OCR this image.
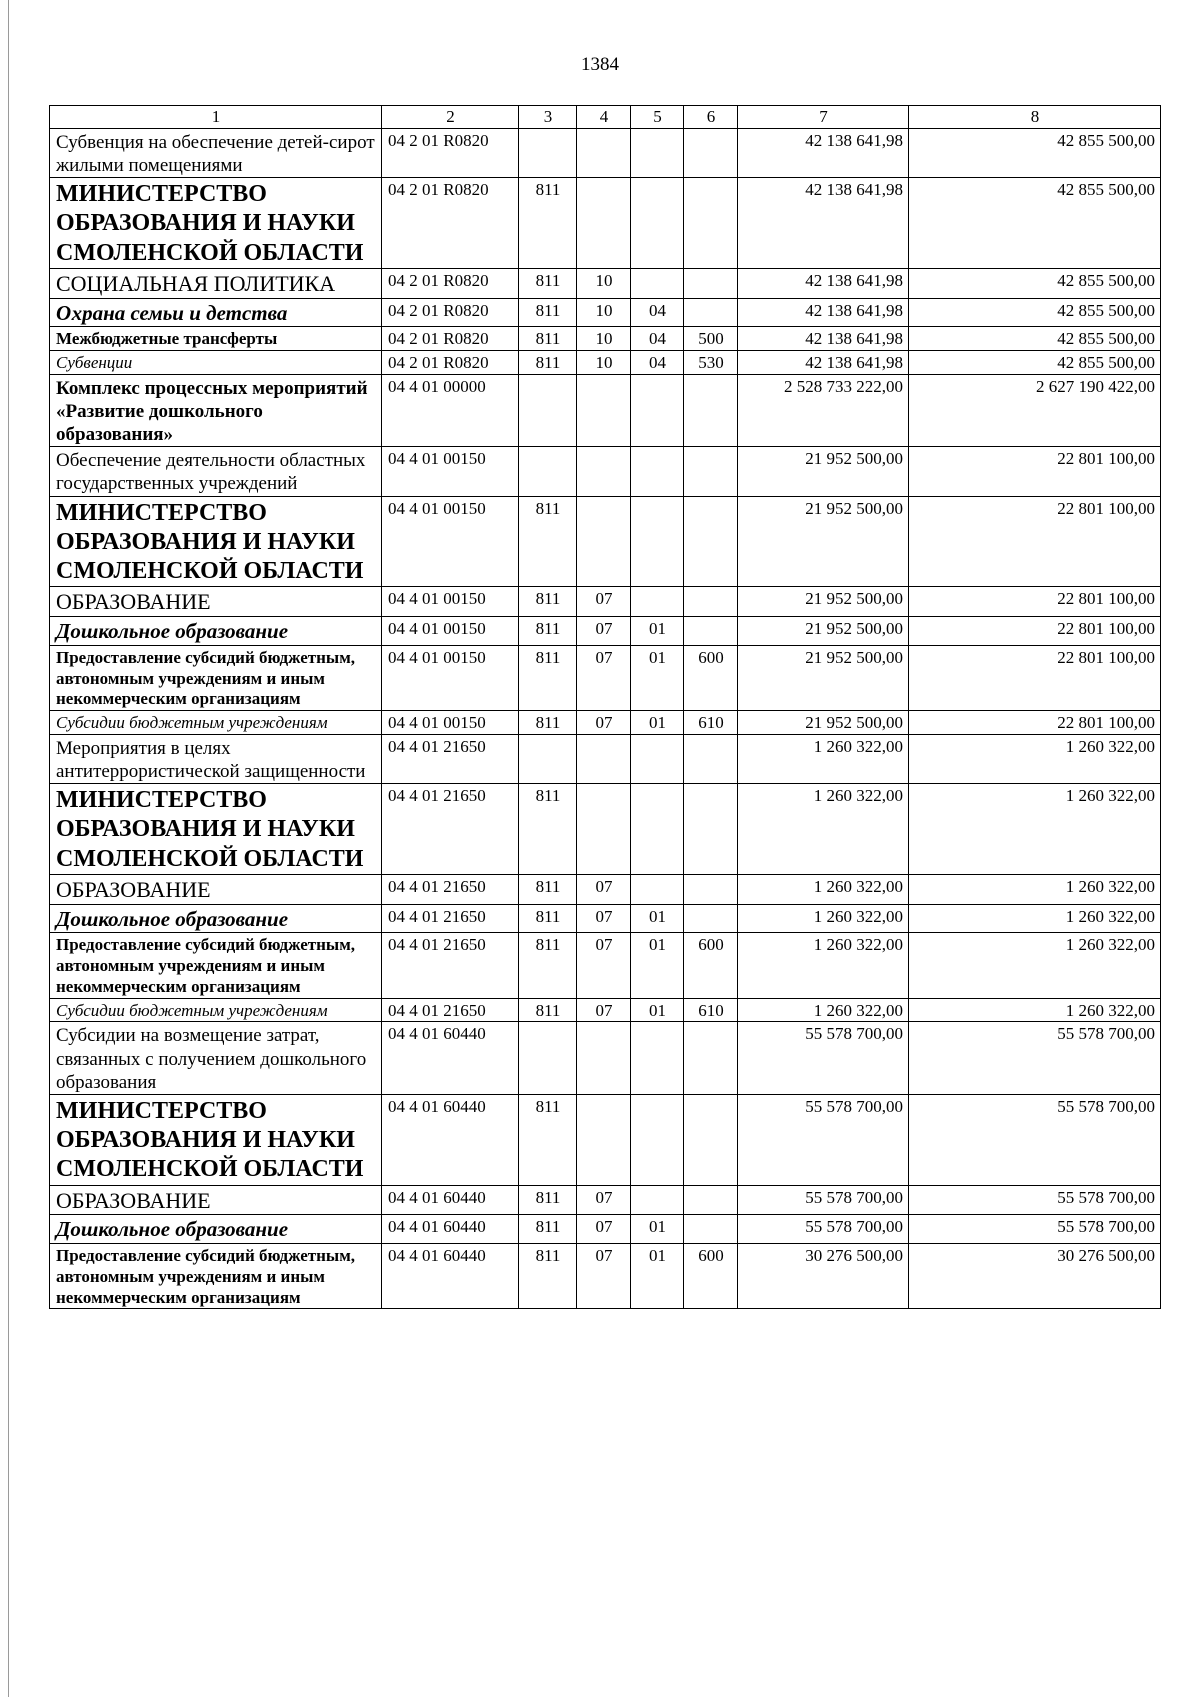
1384
1	2	3	4	5	6	7	8
Субвенция на обеспечение детей-сирот жилыми помещениями	04 2 01 R0820					42 138 641,98	42 855 500,00
МИНИСТЕРСТВО ОБРАЗОВАНИЯ И НАУКИ СМОЛЕНСКОЙ ОБЛАСТИ	04 2 01 R0820	811				42 138 641,98	42 855 500,00
СОЦИАЛЬНАЯ ПОЛИТИКА	04 2 01 R0820	811	10			42 138 641,98	42 855 500,00
Охрана семьи и детства	04 2 01 R0820	811	10	04		42 138 641,98	42 855 500,00
Межбюджетные трансферты	04 2 01 R0820	811	10	04	500	42 138 641,98	42 855 500,00
Субвенции	04 2 01 R0820	811	10	04	530	42 138 641,98	42 855 500,00
Комплекс процессных мероприятий «Развитие дошкольного образования»	04 4 01 00000					2 528 733 222,00	2 627 190 422,00
Обеспечение деятельности областных государственных учреждений	04 4 01 00150					21 952 500,00	22 801 100,00
МИНИСТЕРСТВО ОБРАЗОВАНИЯ И НАУКИ СМОЛЕНСКОЙ ОБЛАСТИ	04 4 01 00150	811				21 952 500,00	22 801 100,00
ОБРАЗОВАНИЕ	04 4 01 00150	811	07			21 952 500,00	22 801 100,00
Дошкольное образование	04 4 01 00150	811	07	01		21 952 500,00	22 801 100,00
Предоставление субсидий бюджетным, автономным учреждениям и иным некоммерческим организациям	04 4 01 00150	811	07	01	600	21 952 500,00	22 801 100,00
Субсидии бюджетным учреждениям	04 4 01 00150	811	07	01	610	21 952 500,00	22 801 100,00
Мероприятия в целях антитеррористической защищенности	04 4 01 21650					1 260 322,00	1 260 322,00
МИНИСТЕРСТВО ОБРАЗОВАНИЯ И НАУКИ СМОЛЕНСКОЙ ОБЛАСТИ	04 4 01 21650	811				1 260 322,00	1 260 322,00
ОБРАЗОВАНИЕ	04 4 01 21650	811	07			1 260 322,00	1 260 322,00
Дошкольное образование	04 4 01 21650	811	07	01		1 260 322,00	1 260 322,00
Предоставление субсидий бюджетным, автономным учреждениям и иным некоммерческим организациям	04 4 01 21650	811	07	01	600	1 260 322,00	1 260 322,00
Субсидии бюджетным учреждениям	04 4 01 21650	811	07	01	610	1 260 322,00	1 260 322,00
Субсидии на возмещение затрат, связанных с получением дошкольного образования	04 4 01 60440					55 578 700,00	55 578 700,00
МИНИСТЕРСТВО ОБРАЗОВАНИЯ И НАУКИ СМОЛЕНСКОЙ ОБЛАСТИ	04 4 01 60440	811				55 578 700,00	55 578 700,00
ОБРАЗОВАНИЕ	04 4 01 60440	811	07			55 578 700,00	55 578 700,00
Дошкольное образование	04 4 01 60440	811	07	01		55 578 700,00	55 578 700,00
Предоставление субсидий бюджетным, автономным учреждениям и иным некоммерческим организациям	04 4 01 60440	811	07	01	600	30 276 500,00	30 276 500,00
